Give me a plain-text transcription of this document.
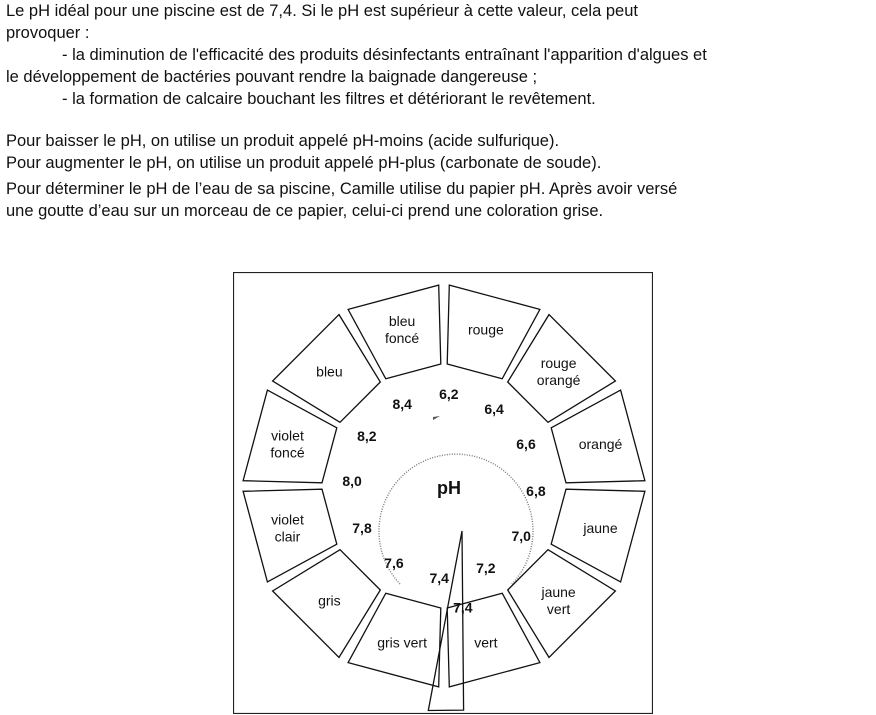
Le pH idéal pour une piscine est de 7,4. Si le pH est supérieur à cette valeur, cela peut

provoquer :

- la diminution de l'efficacité des produits désinfectants entraînant l'apparition d'algues et

le développement de bactéries pouvant rendre la baignade dangereuse ;

- la formation de calcaire bouchant les filtres et détériorant le revêtement.

Pour baisser le pH, on utilise un produit appelé pH-moins (acide sulfurique).

Pour augmenter le pH, on utilise un produit appelé pH-plus (carbonate de soude).

Pour déterminer le pH de l’eau de sa piscine, Camille utilise du papier pH. Après avoir versé

une goutte d’eau sur un morceau de ce papier, celui-ci prend une coloration grise.

rouge
6,2
rouge
orangé
6,4
orangé
6,6
jaune
6,8
jaune
vert
7,0
vert
7,2
gris vert
7,4
gris
7,6
violet
clair
7,8
violet
foncé
8,0
bleu
8,2
bleu
foncé
8,4
pH
7,4
